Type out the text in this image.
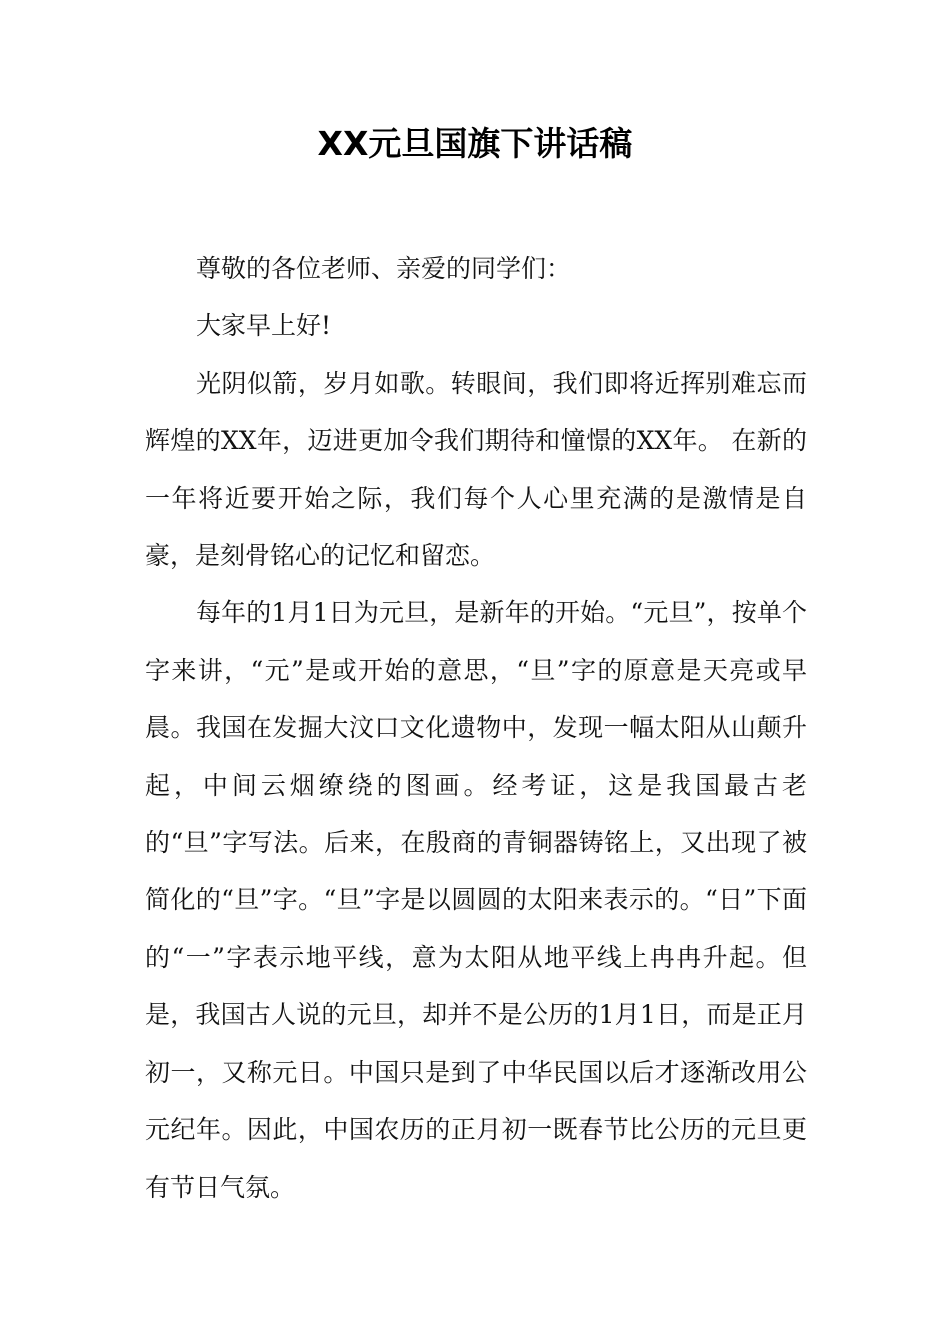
XX元旦国旗下讲话稿

尊敬的各位老师、亲爱的同学们：

大家早上好!

光阴似箭，岁月如歌。转眼间，我们即将近挥别难忘而辉煌的XX年，迈进更加令我们期待和憧憬的XX年。 在新的一年将近要开始之际，我们每个人心里充满的是激情是自豪，是刻骨铭心的记忆和留恋。

每年的1月1日为元旦，是新年的开始。“元旦”，按单个字来讲，“元”是或开始的意思，“旦”字的原意是天亮或早晨。我国在发掘大汶口文化遗物中，发现一幅太阳从山颠升起，中间云烟缭绕的图画。经考证，这是我国最古老的“旦”字写法。后来，在殷商的青铜器铸铭上，又出现了被简化的“旦”字。“旦”字是以圆圆的太阳来表示的。“日”下面的“一”字表示地平线，意为太阳从地平线上冉冉升起。但是，我国古人说的元旦，却并不是公历的1月1日，而是正月初一，又称元日。中国只是到了中华民国以后才逐渐改用公元纪年。因此，中国农历的正月初一既春节比公历的元旦更有节日气氛。
